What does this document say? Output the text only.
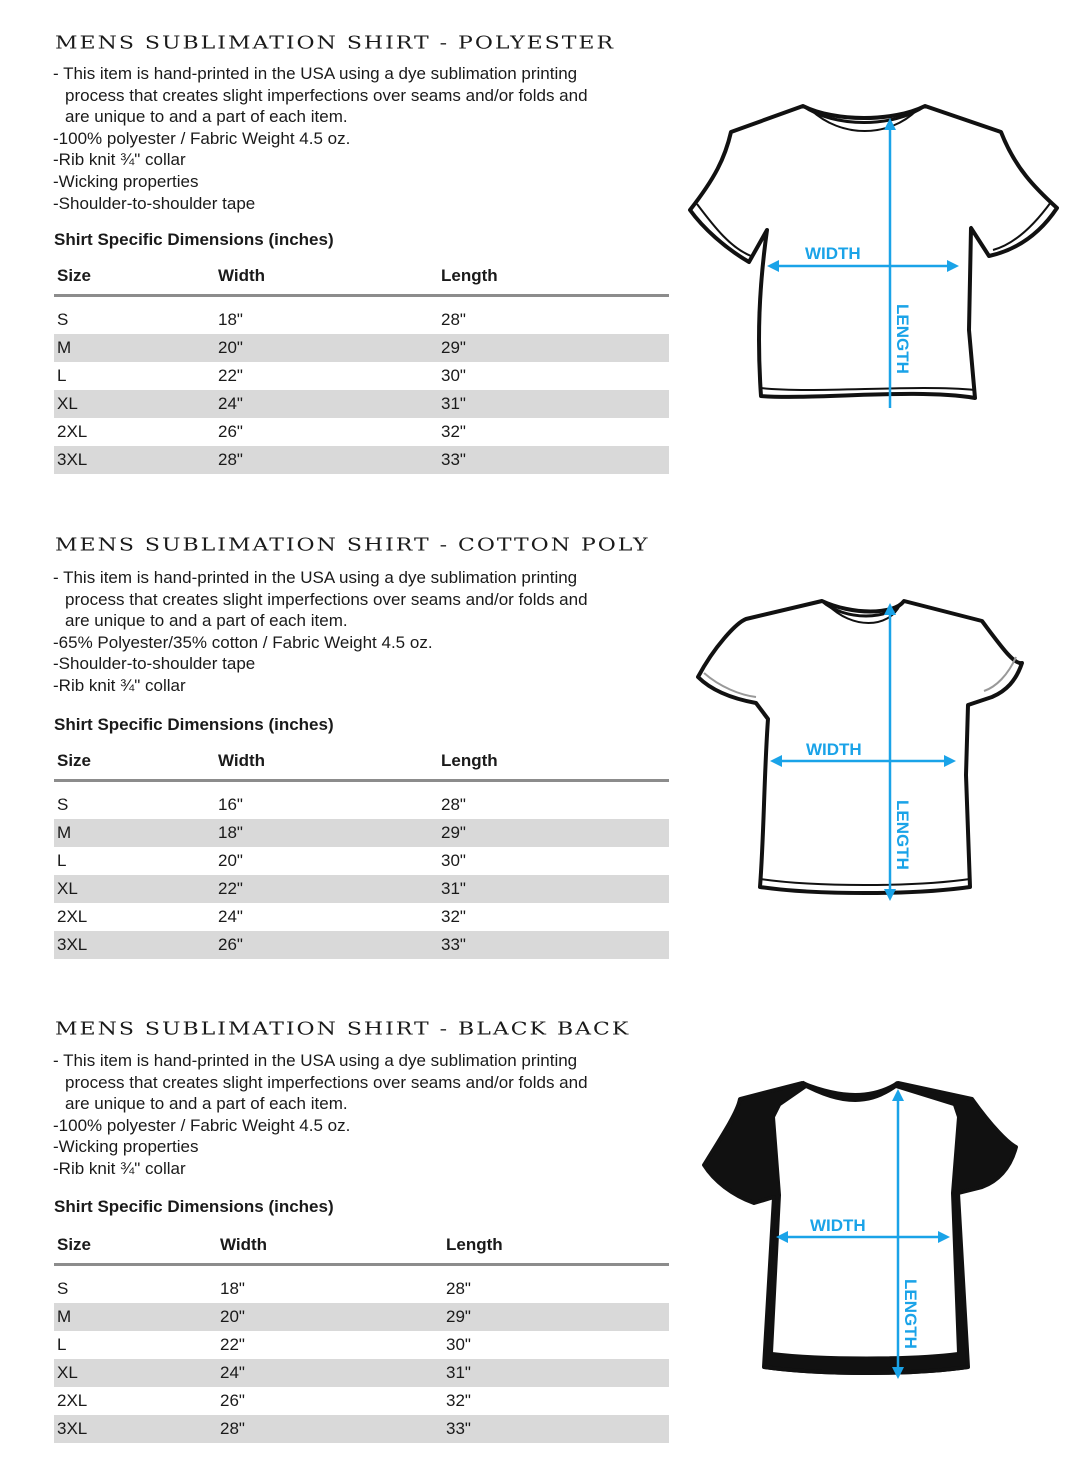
MENS SUBLIMATION SHIRT - POLYESTER
- This item is hand-printed in the USA using a dye sublimation printing
process that creates slight imperfections over seams and/or folds and
are unique to and a part of each item.
-100% polyester / Fabric Weight 4.5 oz.
-Rib knit ¾" collar
-Wicking properties
-Shoulder-to-shoulder tape
Shirt Specific Dimensions (inches)
Size	Width	Length

S	18"	28"
M	20"	29"
L	22"	30"
XL	24"	31"
2XL	26"	32"
3XL	28"	33"
WIDTH
LENGTH
MENS SUBLIMATION SHIRT - COTTON POLY
- This item is hand-printed in the USA using a dye sublimation printing
process that creates slight imperfections over seams and/or folds and
are unique to and a part of each item.
-65% Polyester/35% cotton / Fabric Weight 4.5 oz.
-Shoulder-to-shoulder tape
-Rib knit ¾" collar
Shirt Specific Dimensions (inches)
Size	Width	Length

S	16"	28"
M	18"	29"
L	20"	30"
XL	22"	31"
2XL	24"	32"
3XL	26"	33"
WIDTH
LENGTH
MENS SUBLIMATION SHIRT - BLACK BACK
- This item is hand-printed in the USA using a dye sublimation printing
process that creates slight imperfections over seams and/or folds and
are unique to and a part of each item.
-100% polyester / Fabric Weight 4.5 oz.
-Wicking properties
-Rib knit ¾" collar
Shirt Specific Dimensions (inches)
Size	Width	Length

S	18"	28"
M	20"	29"
L	22"	30"
XL	24"	31"
2XL	26"	32"
3XL	28"	33"
WIDTH
LENGTH
